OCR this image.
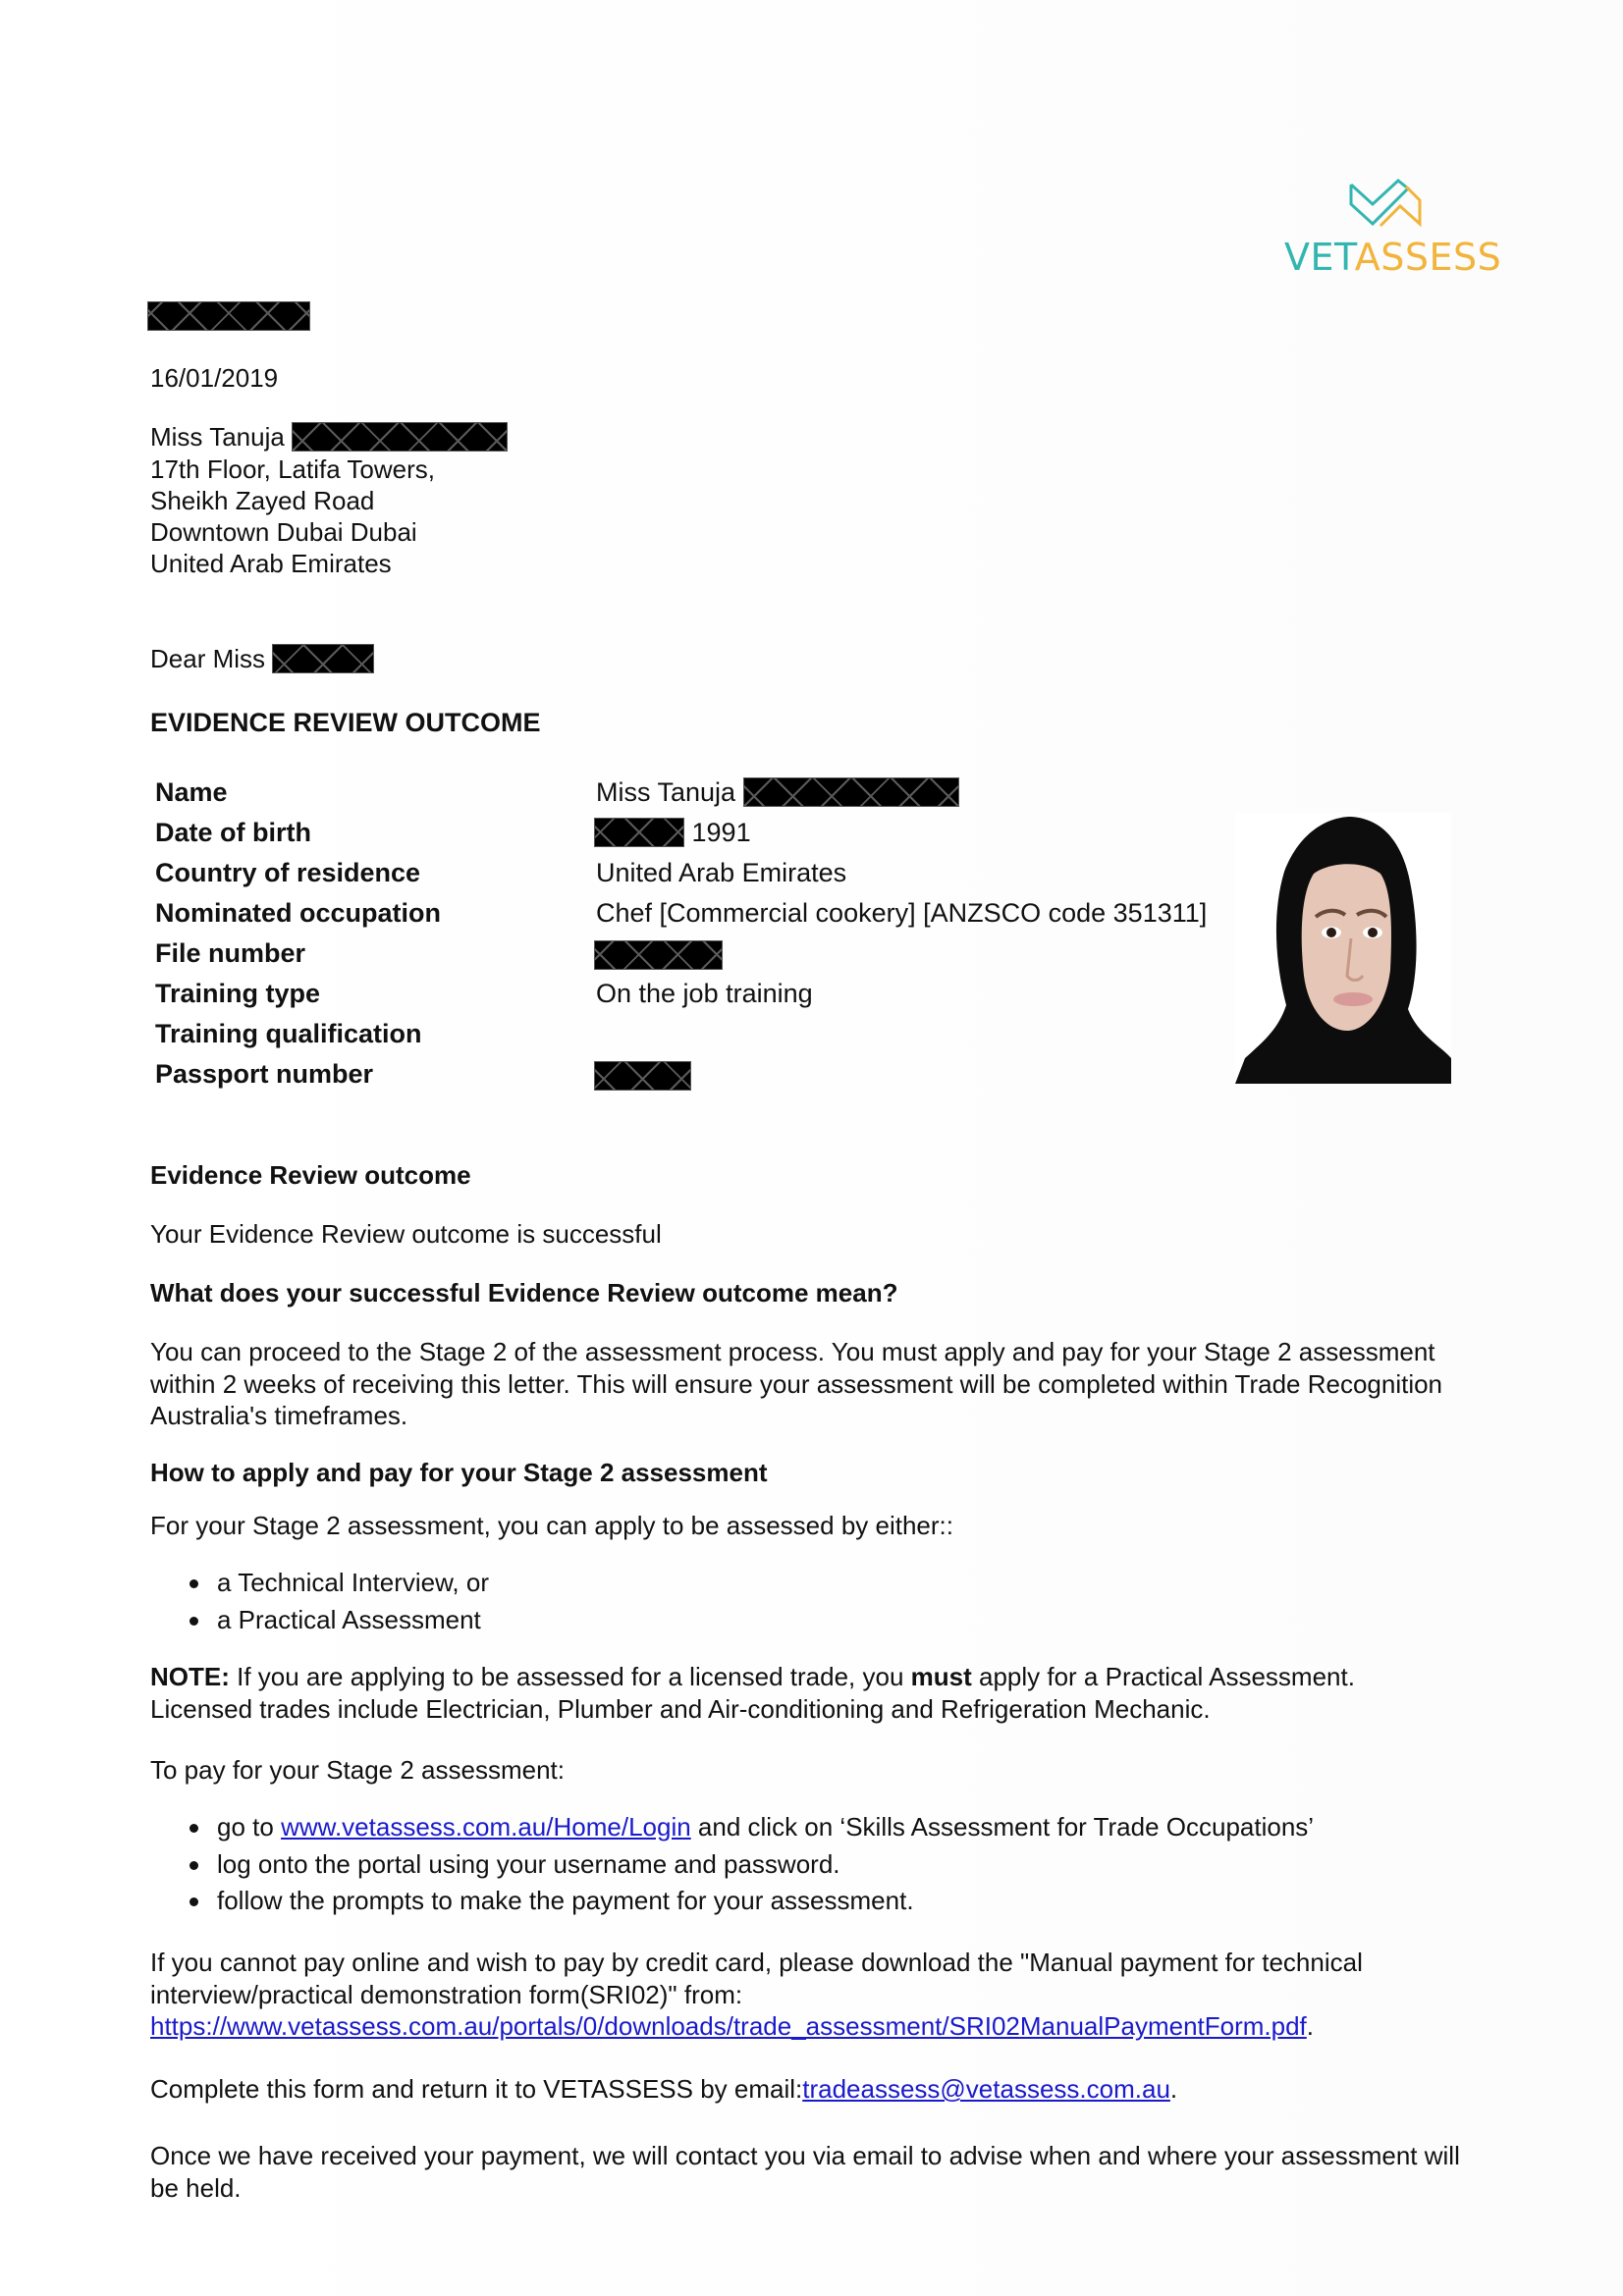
VETASSESS
16/01/2019
Miss Tanuja
17th Floor, Latifa Towers,
Sheikh Zayed Road
Downtown Dubai Dubai
United Arab Emirates
Dear Miss
EVIDENCE REVIEW OUTCOME
Name	Miss Tanuja
Date of birth	1991
Country of residence	United Arab Emirates
Nominated occupation	Chef [Commercial cookery] [ANZSCO code 351311]
File number
Training type	On the job training
Training qualification
Passport number
Evidence Review outcome
Your Evidence Review outcome is successful
What does your successful Evidence Review outcome mean?
You can proceed to the Stage 2 of the assessment process. You must apply and pay for your Stage 2 assessment within 2 weeks of receiving this letter. This will ensure your assessment will be completed within Trade Recognition Australia's timeframes.
How to apply and pay for your Stage 2 assessment
For your Stage 2 assessment, you can apply to be assessed by either::
a Technical Interview, or
a Practical Assessment
NOTE: If you are applying to be assessed for a licensed trade, you must apply for a Practical Assessment. Licensed trades include Electrician, Plumber and Air-conditioning and Refrigeration Mechanic.
To pay for your Stage 2 assessment:
go to www.vetassess.com.au/Home/Login and click on ‘Skills Assessment for Trade Occupations’
log onto the portal using your username and password.
follow the prompts to make the payment for your assessment.
If you cannot pay online and wish to pay by credit card, please download the "Manual payment for technical interview/practical demonstration form(SRI02)" from:
https://www.vetassess.com.au/portals/0/downloads/trade_assessment/SRI02ManualPaymentForm.pdf.
Complete this form and return it to VETASSESS by email:tradeassess@vetassess.com.au.
Once we have received your payment, we will contact you via email to advise when and where your assessment will be held.
